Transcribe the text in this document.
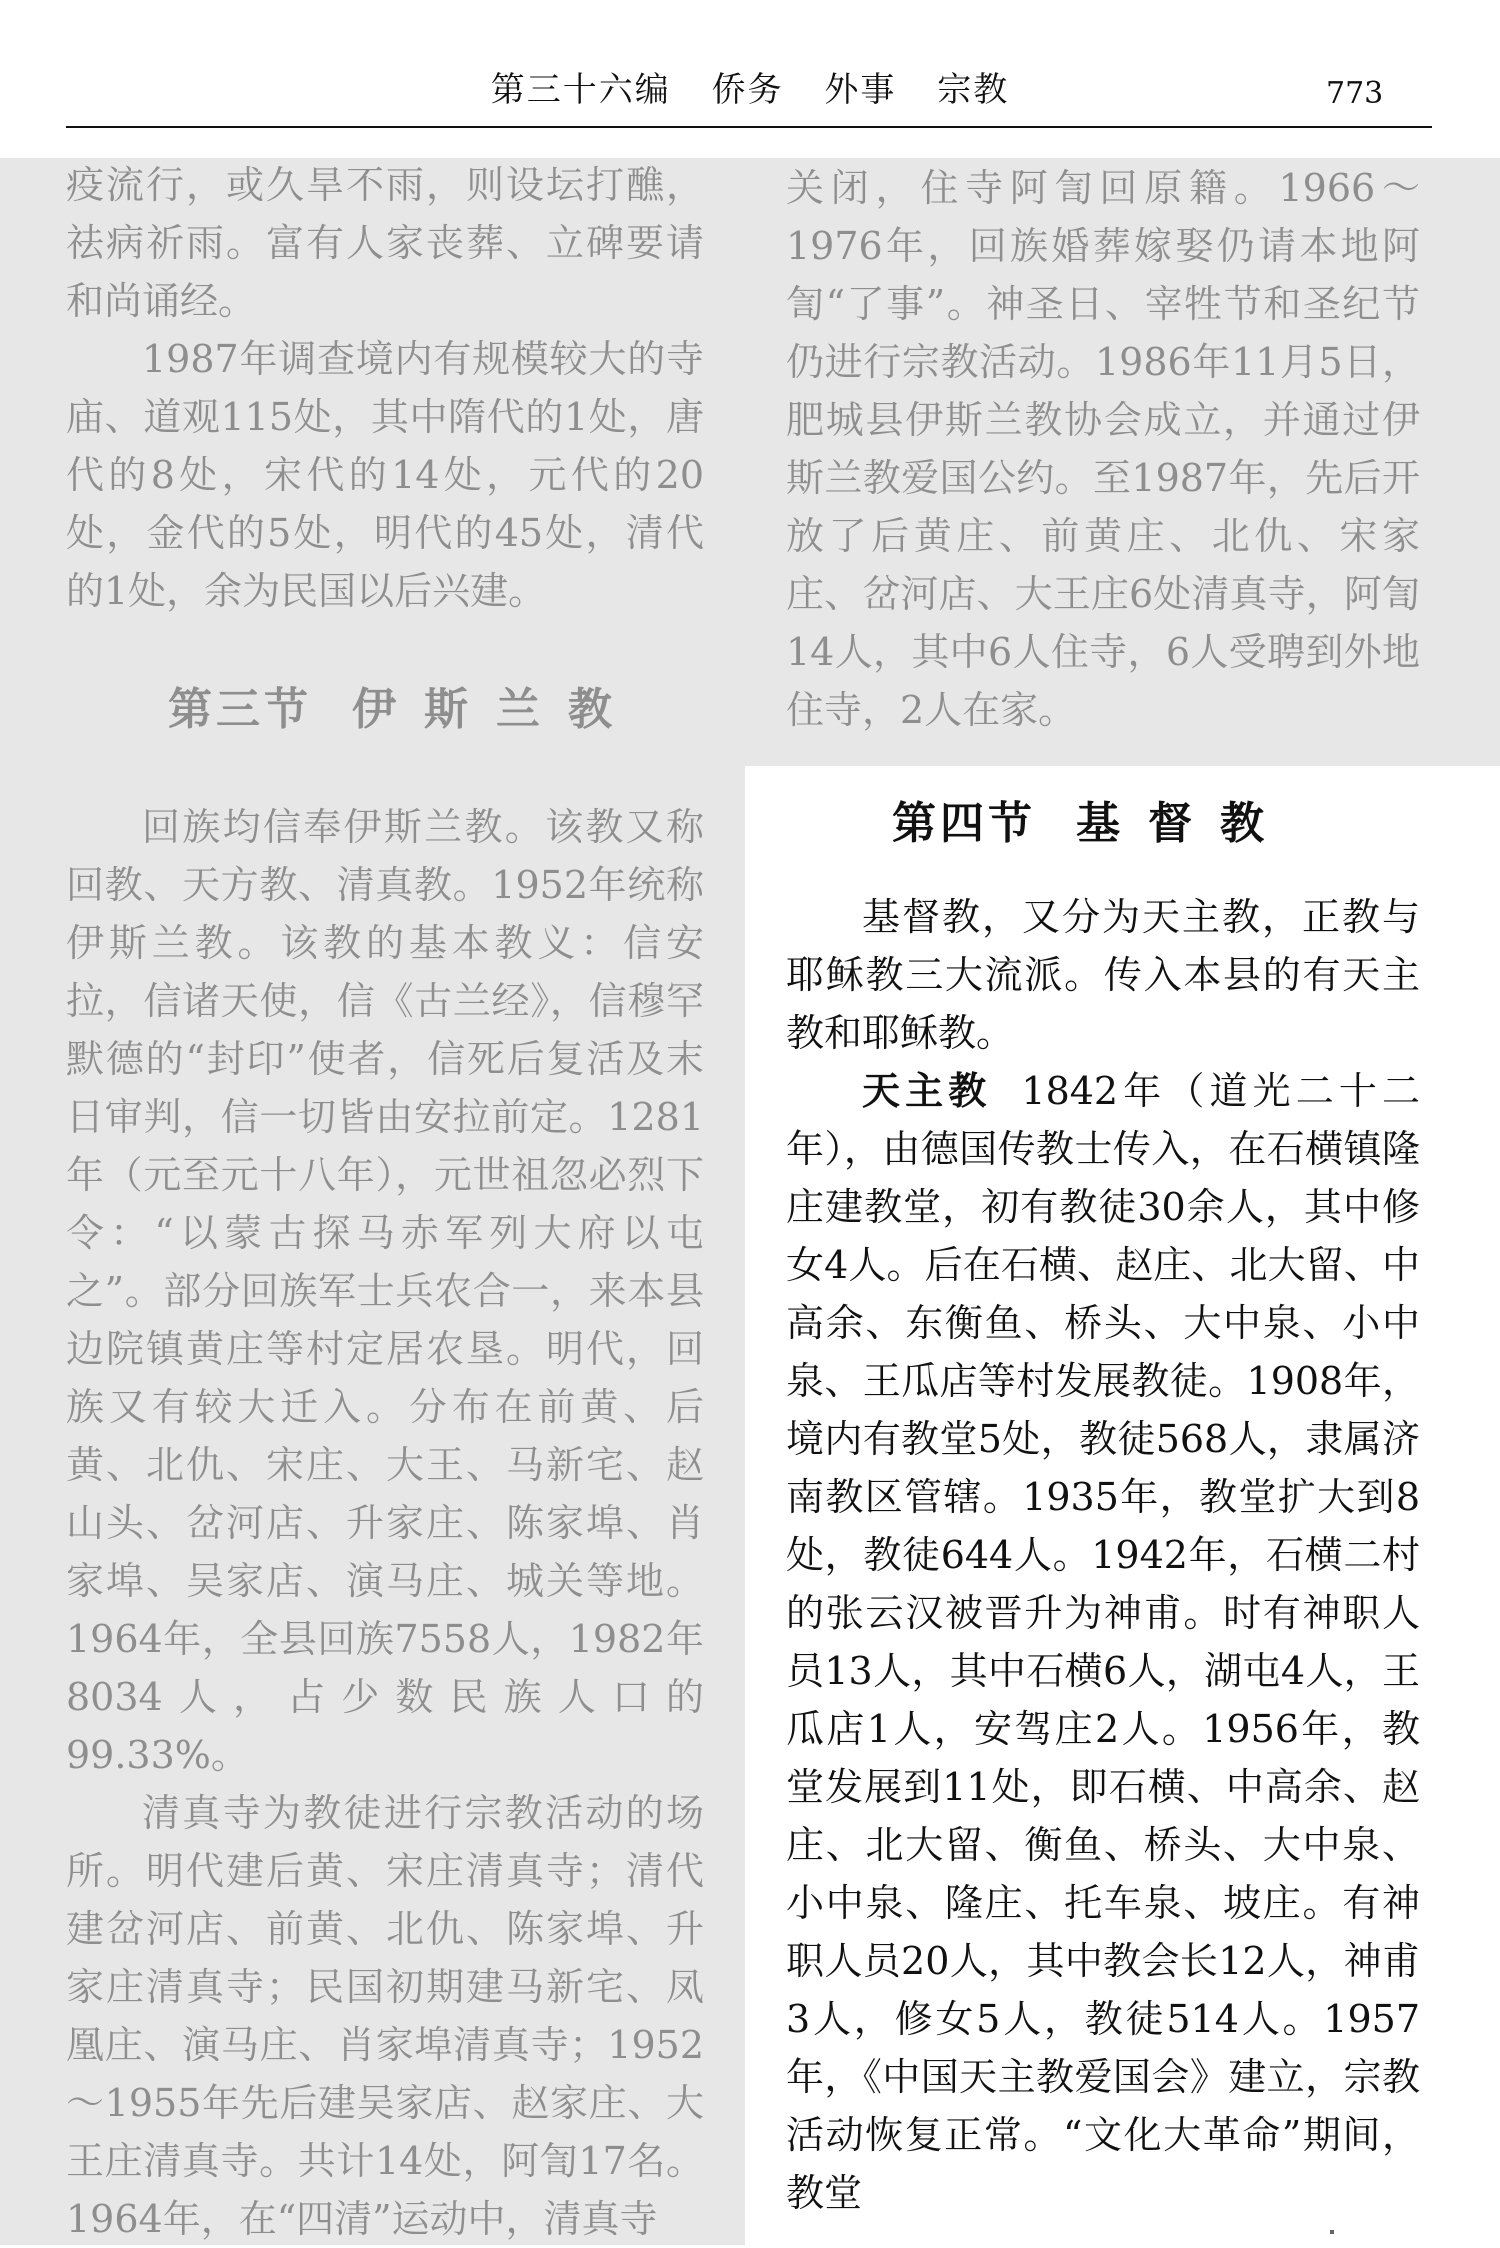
第三十六编 侨务 外事 宗教	773

疫流行，或久旱不雨，则设坛打醮，祛病祈雨。富有人家丧葬、立碑要请和尚诵经。

1987年调查境内有规模较大的寺庙、道观115处，其中隋代的1处，唐代的8处，宋代的14处，元代的20处，金代的5处，明代的45处，清代的1处，余为民国以后兴建。

第三节 伊斯兰教

回族均信奉伊斯兰教。该教又称回教、天方教、清真教。1952年统称伊斯兰教。该教的基本教义：信安拉，信诸天使，信《古兰经》，信穆罕默德的“封印”使者，信死后复活及末日审判，信一切皆由安拉前定。1281年（元至元十八年），元世祖忽必烈下令：“以蒙古探马赤军列大府以屯之”。部分回族军士兵农合一，来本县边院镇黄庄等村定居农垦。明代，回族又有较大迁入。分布在前黄、后黄、北仇、宋庄、大王、马新宅、赵山头、岔河店、升家庄、陈家埠、肖家埠、吴家店、演马庄、城关等地。1964年，全县回族7558人，1982年8034人，占少数民族人口的99.33%。

清真寺为教徒进行宗教活动的场所。明代建后黄、宋庄清真寺；清代建岔河店、前黄、北仇、陈家埠、升家庄清真寺；民国初期建马新宅、凤凰庄、演马庄、肖家埠清真寺；1952～1955年先后建吴家店、赵家庄、大王庄清真寺。共计14处，阿訇17名。1964年，在“四清”运动中，清真寺

关闭，住寺阿訇回原籍。1966～1976年，回族婚葬嫁娶仍请本地阿訇“了事”。神圣日、宰牲节和圣纪节仍进行宗教活动。1986年11月5日，肥城县伊斯兰教协会成立，并通过伊斯兰教爱国公约。至1987年，先后开放了后黄庄、前黄庄、北仇、宋家庄、岔河店、大王庄6处清真寺，阿訇14人，其中6人住寺，6人受聘到外地住寺，2人在家。

第四节 基督教

基督教，又分为天主教，正教与耶稣教三大流派。传入本县的有天主教和耶稣教。

天主教 1842年（道光二十二年），由德国传教士传入，在石横镇隆庄建教堂，初有教徒30余人，其中修女4人。后在石横、赵庄、北大留、中高余、东衡鱼、桥头、大中泉、小中泉、王瓜店等村发展教徒。1908年，境内有教堂5处，教徒568人，隶属济南教区管辖。1935年，教堂扩大到8处，教徒644人。1942年，石横二村的张云汉被晋升为神甫。时有神职人员13人，其中石横6人，湖屯4人，王瓜店1人，安驾庄2人。1956年，教堂发展到11处，即石横、中高余、赵庄、北大留、衡鱼、桥头、大中泉、小中泉、隆庄、托车泉、坡庄。有神职人员20人，其中教会长12人，神甫3人，修女5人，教徒514人。1957年，《中国天主教爱国会》建立，宗教活动恢复正常。“文化大革命”期间，教堂
